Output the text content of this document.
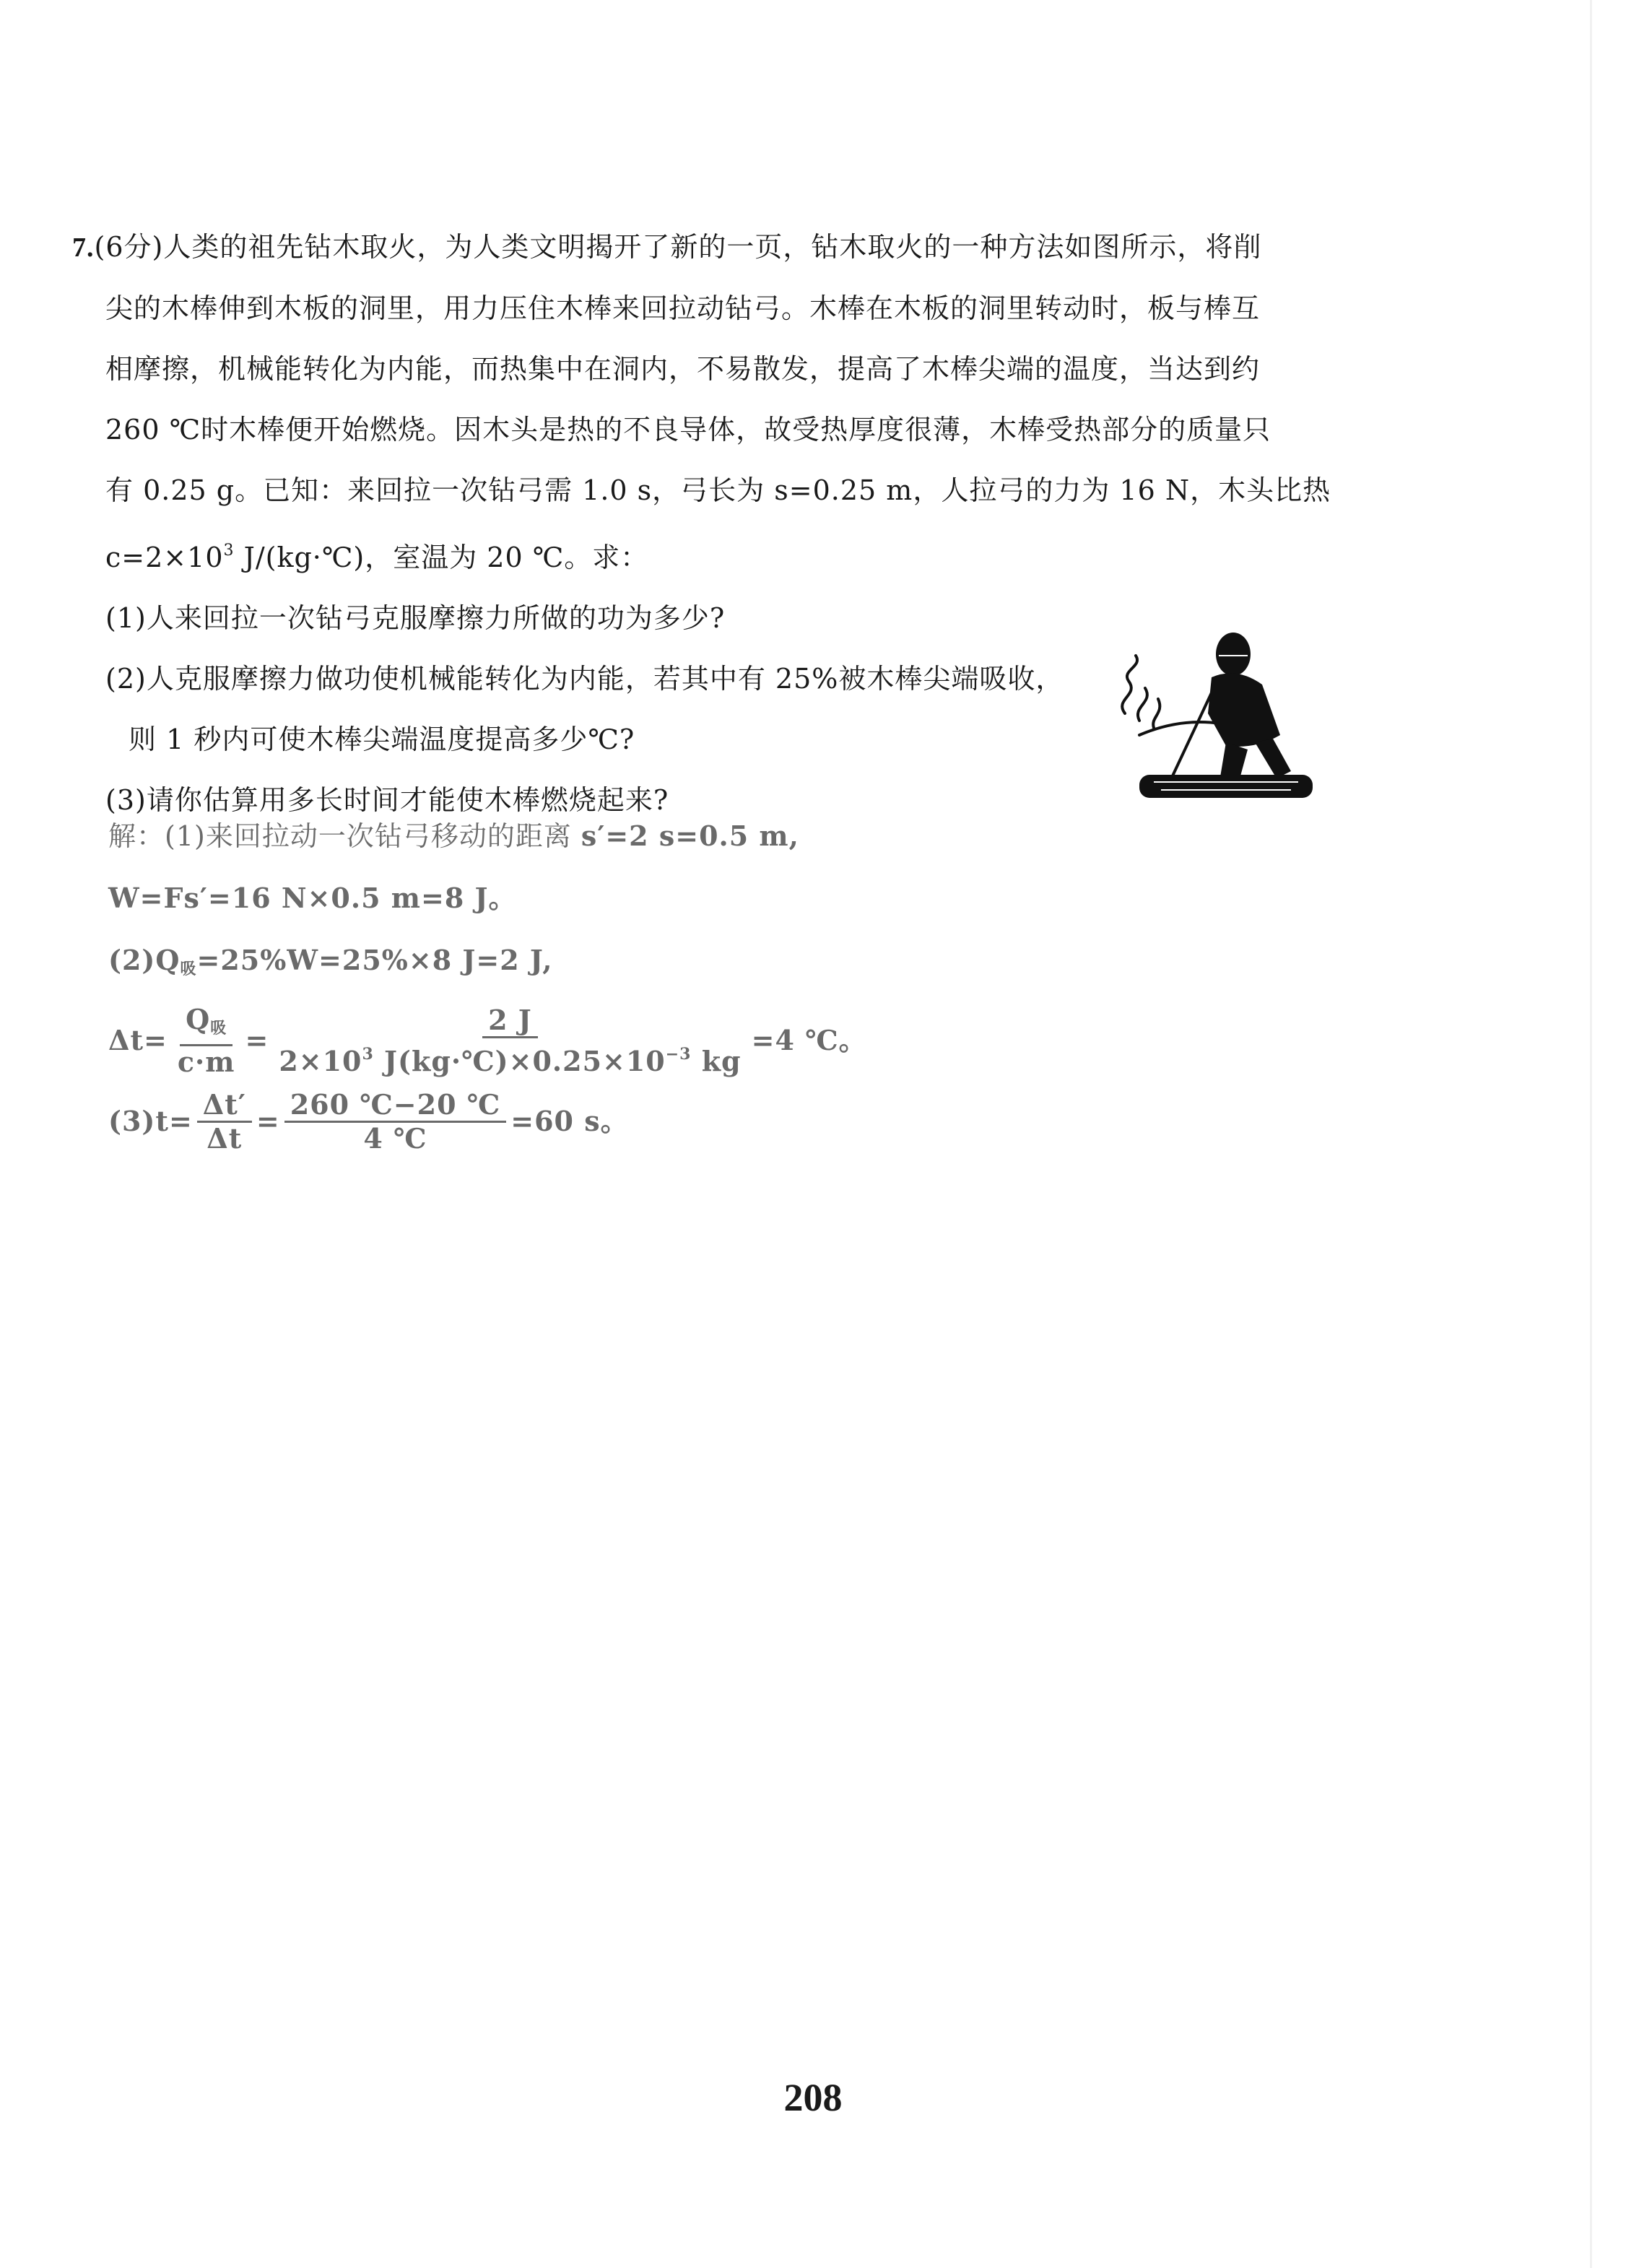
7.(6分)人类的祖先钻木取火，为人类文明揭开了新的一页，钻木取火的一种方法如图所示，将削
尖的木棒伸到木板的洞里，用力压住木棒来回拉动钻弓。木棒在木板的洞里转动时，板与棒互
相摩擦，机械能转化为内能，而热集中在洞内，不易散发，提高了木棒尖端的温度，当达到约
260 ℃时木棒便开始燃烧。因木头是热的不良导体，故受热厚度很薄，木棒受热部分的质量只
有 0.25 g。已知：来回拉一次钻弓需 1.0 s，弓长为 s=0.25 m，人拉弓的力为 16 N，木头比热
$c=2\times 10^3$ J/(kg·℃)，室温为 20 ℃。求：
(1)人来回拉一次钻弓克服摩擦力所做的功为多少?
(2)人克服摩擦力做功使机械能转化为内能，若其中有 25%被木棒尖端吸收，
则 1 秒内可使木棒尖端温度提高多少℃?
(3)请你估算用多长时间才能使木棒燃烧起来?
解：(1)来回拉动一次钻弓移动的距离 s′=2 s=0.5 m,
W=Fs′=16 N×0.5 m=8 J。
$(2)Q_吸=25\%W=25\%\times 8$ J=2 J,
$\Delta t= \frac{Q_吸}{c\cdot m} = \frac{2 J}{2\times 10^3 J(kg\cdot℃)\times 0.25\times 10^{-3} kg} =4$ ℃。
$(3)t= \frac{\Delta t'}{\Delta t} = \frac{260 ℃-20 ℃}{4 ℃} =60$ s。
208
